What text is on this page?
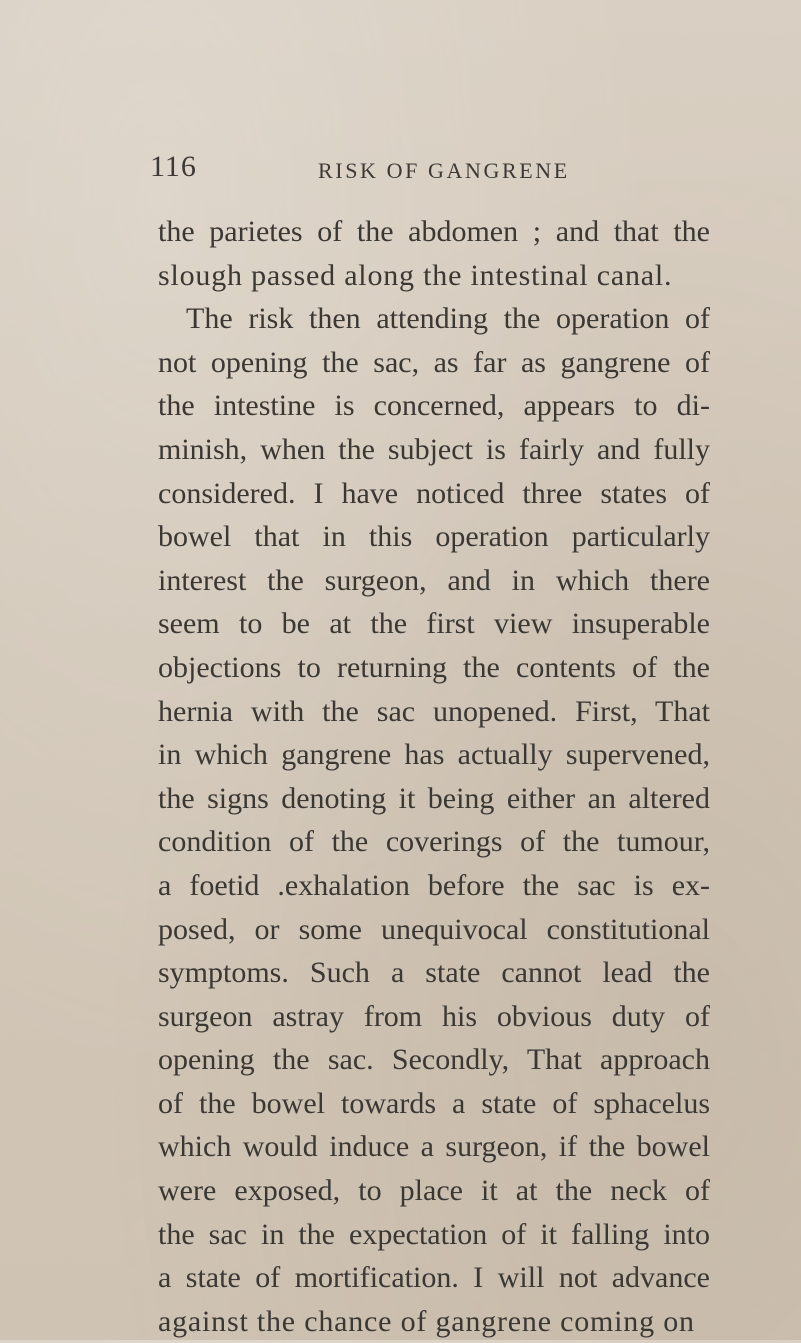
116	RISK OF GANGRENE
the parietes of the abdomen ; and that the
slough passed along the intestinal canal.
The risk then attending the operation of
not opening the sac, as far as gangrene of
the intestine is concerned, appears to di-
minish, when the subject is fairly and fully
considered. I have noticed three states of
bowel that in this operation particularly
interest the surgeon, and in which there
seem to be at the first view insuperable
objections to returning the contents of the
hernia with the sac unopened. First, That
in which gangrene has actually supervened,
the signs denoting it being either an altered
condition of the coverings of the tumour,
a foetid .exhalation before the sac is ex-
posed, or some unequivocal constitutional
symptoms. Such a state cannot lead the
surgeon astray from his obvious duty of
opening the sac. Secondly, That approach
of the bowel towards a state of sphacelus
which would induce a surgeon, if the bowel
were exposed, to place it at the neck of
the sac in the expectation of it falling into
a state of mortification. I will not advance
against the chance of gangrene coming on
